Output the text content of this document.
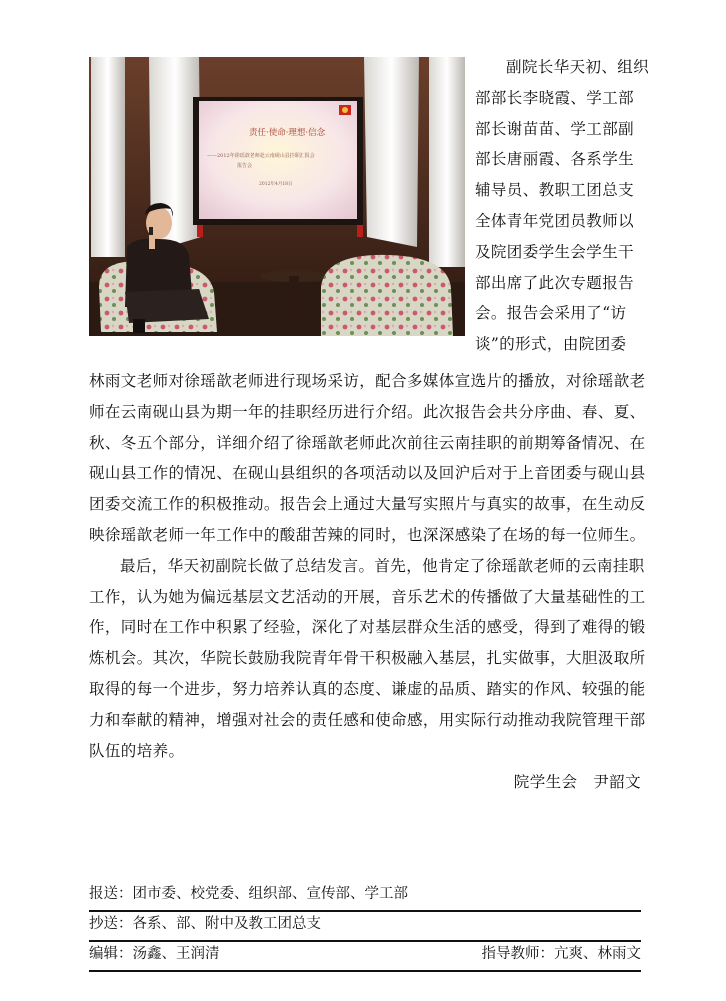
责任·使命·理想·信念
——2012年徐瑶歆老师赴云南砚山县挂职汇报会
报告会
2012年4月18日
副院长华天初、组织
部部长李晓霞、学工部
部长谢苗苗、学工部副
部长唐丽霞、各系学生
辅导员、教职工团总支
全体青年党团员教师以
及院团委学生会学生干
部出席了此次专题报告
会。报告会采用了“访
谈”的形式，由院团委
林雨文老师对徐瑶歆老师进行现场采访，配合多媒体宣选片的播放，对徐瑶歆老
师在云南砚山县为期一年的挂职经历进行介绍。此次报告会共分序曲、春、夏、
秋、冬五个部分，详细介绍了徐瑶歆老师此次前往云南挂职的前期筹备情况、在
砚山县工作的情况、在砚山县组织的各项活动以及回沪后对于上音团委与砚山县
团委交流工作的积极推动。报告会上通过大量写实照片与真实的故事，在生动反
映徐瑶歆老师一年工作中的酸甜苦辣的同时，也深深感染了在场的每一位师生。
最后，华天初副院长做了总结发言。首先，他肯定了徐瑶歆老师的云南挂职
工作，认为她为偏远基层文艺活动的开展，音乐艺术的传播做了大量基础性的工
作，同时在工作中积累了经验，深化了对基层群众生活的感受，得到了难得的锻
炼机会。其次，华院长鼓励我院青年骨干积极融入基层，扎实做事，大胆汲取所
取得的每一个进步，努力培养认真的态度、谦虚的品质、踏实的作风、较强的能
力和奉献的精神，增强对社会的责任感和使命感，用实际行动推动我院管理干部
队伍的培养。
院学生会　尹韶文
报送：团市委、校党委、组织部、宣传部、学工部
抄送：各系、部、附中及教工团总支
编辑：汤鑫、王润清	指导教师：亢爽、林雨文
